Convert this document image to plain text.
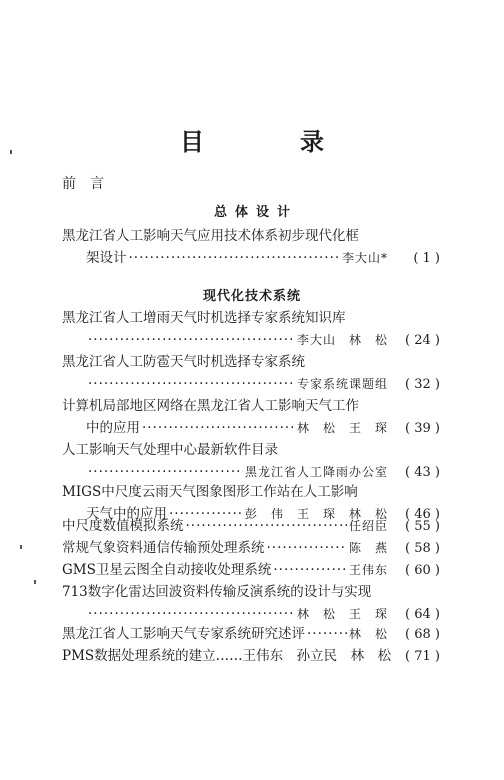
目　录
前言
总体设计
黑龙江省人工影响天气应用技术体系初步现代化框
架设计 ·····	李大山*	( 1 )
现代化技术系统
黑龙江省人工增雨天气时机选择专家系统知识库
·····
李大山　林　松	( 24 )
黑龙江省人工防雹天气时机选择专家系统
·····
专家系统课题组	( 32 )
计算机局部地区网络在黑龙江省人工影响天气工作
中的应用 ·····	林　松　王　琛	( 39 )
人工影响天气处理中心最新软件目录
·····
黑龙江省人工降雨办公室	( 43 )
MIGS中尺度云雨天气图象图形工作站在人工影响
天气中的应用 ·····	彭　伟　王　琛　林　松	( 46 )
中尺度数值模拟系统 ·····	任绍臣	( 55 )
常规气象资料通信传输预处理系统 ·····	陈　燕	( 58 )
GMS卫星云图全自动接收处理系统 ·····	王伟东	( 60 )
713数字化雷达回波资料传输反演系统的设计与实现
·····
林　松　王　琛	( 64 )
黑龙江省人工影响天气专家系统研究述评 ·····	林　松	( 68 )
PMS数据处理系统的建立……王伟东　孙立民　林　松	( 71 )
